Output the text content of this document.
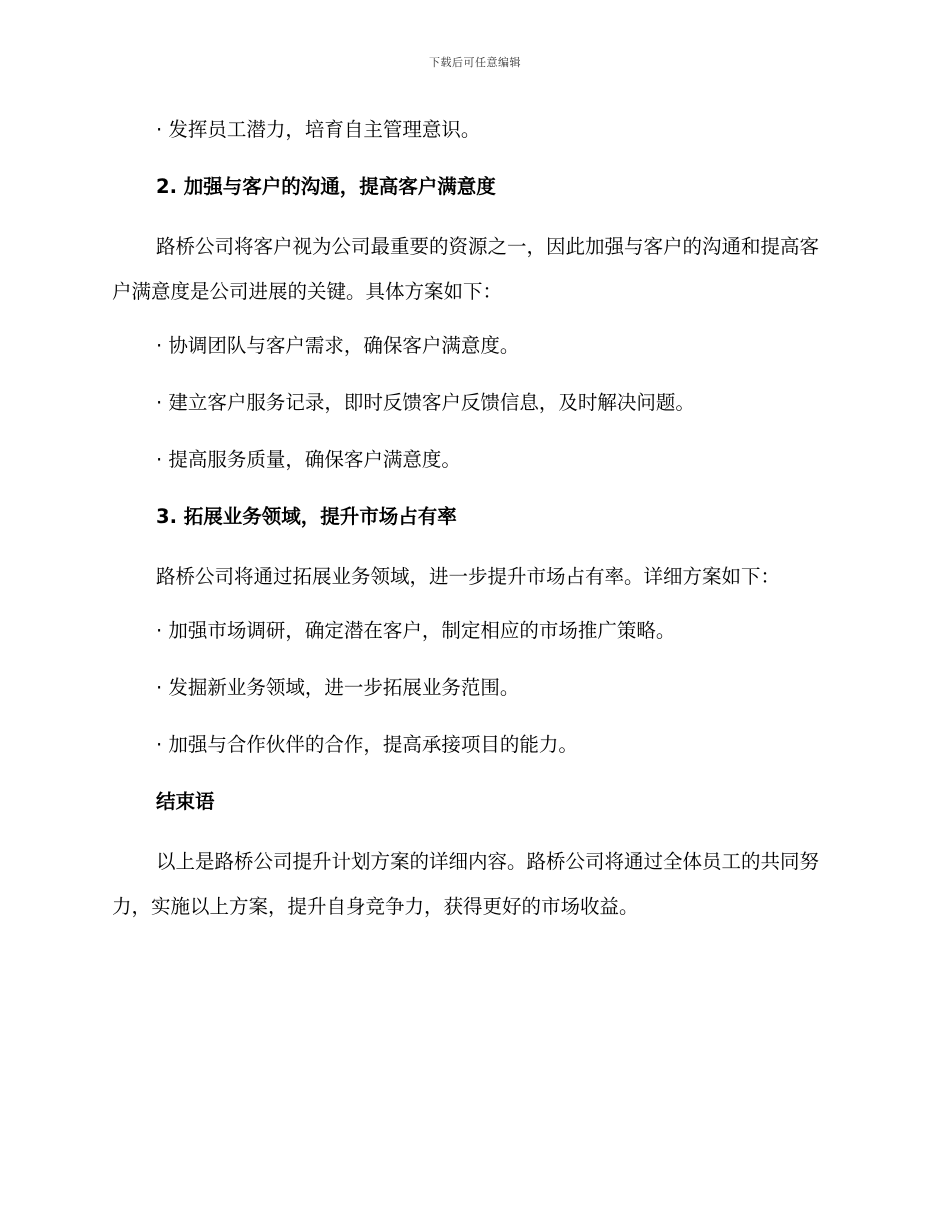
下载后可任意编辑

· 发挥员工潜力，培育自主管理意识。

2. 加强与客户的沟通，提高客户满意度

路桥公司将客户视为公司最重要的资源之一，因此加强与客户的沟通和提高客户满意度是公司进展的关键。具体方案如下：

· 协调团队与客户需求，确保客户满意度。

· 建立客户服务记录，即时反馈客户反馈信息，及时解决问题。

· 提高服务质量，确保客户满意度。

3. 拓展业务领域，提升市场占有率

路桥公司将通过拓展业务领域，进一步提升市场占有率。详细方案如下：

· 加强市场调研，确定潜在客户，制定相应的市场推广策略。

· 发掘新业务领域，进一步拓展业务范围。

· 加强与合作伙伴的合作，提高承接项目的能力。

结束语

以上是路桥公司提升计划方案的详细内容。路桥公司将通过全体员工的共同努力，实施以上方案，提升自身竞争力，获得更好的市场收益。
